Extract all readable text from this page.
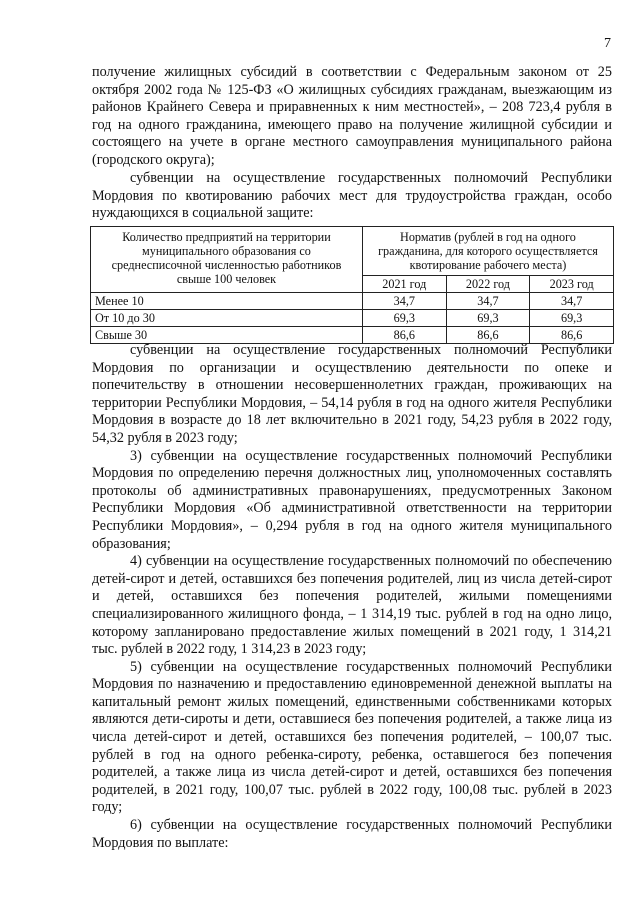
7

получение жилищных субсидий в соответствии с Федеральным законом от 25 октября 2002 года № 125-ФЗ «О жилищных субсидиях гражданам, выезжающим из районов Крайнего Севера и приравненных к ним местностей», – 208 723,4 рубля в год на одного гражданина, имеющего право на получение жилищной субсидии и состоящего на учете в органе местного самоуправления муниципального района (городского округа);

субвенции на осуществление государственных полномочий Республики Мордовия по квотированию рабочих мест для трудоустройства граждан, особо нуждающихся в социальной защите:

Количество предприятий на территории муниципального образования со среднесписочной численностью работников свыше 100 человек	Норматив (рублей в год на одного гражданина, для которого осуществляется квотирование рабочего места)		
	2021 год	2022 год	2023 год
Менее 10	34,7	34,7	34,7
От 10 до 30	69,3	69,3	69,3
Свыше 30	86,6	86,6	86,6

субвенции на осуществление государственных полномочий Республики Мордовия по организации и осуществлению деятельности по опеке и попечительству в отношении несовершеннолетних граждан, проживающих на территории Республики Мордовия, – 54,14 рубля в год на одного жителя Республики Мордовия в возрасте до 18 лет включительно в 2021 году, 54,23 рубля в 2022 году, 54,32 рубля в 2023 году;

3) субвенции на осуществление государственных полномочий Республики Мордовия по определению перечня должностных лиц, уполномоченных составлять протоколы об административных правонарушениях, предусмотренных Законом Республики Мордовия «Об административной ответственности на территории Республики Мордовия», – 0,294 рубля в год на одного жителя муниципального образования;

4) субвенции на осуществление государственных полномочий по обеспечению детей-сирот и детей, оставшихся без попечения родителей, лиц из числа детей-сирот и детей, оставшихся без попечения родителей, жилыми помещениями специализированного жилищного фонда, – 1 314,19 тыс. рублей в год на одно лицо, которому запланировано предоставление жилых помещений в 2021 году, 1 314,21 тыс. рублей в 2022 году, 1 314,23 в 2023 году;

5) субвенции на осуществление государственных полномочий Республики Мордовия по назначению и предоставлению единовременной денежной выплаты на капитальный ремонт жилых помещений, единственными собственниками которых являются дети-сироты и дети, оставшиеся без попечения родителей, а также лица из числа детей-сирот и детей, оставшихся без попечения родителей, – 100,07 тыс. рублей в год на одного ребенка-сироту, ребенка, оставшегося без попечения родителей, а также лица из числа детей-сирот и детей, оставшихся без попечения родителей, в 2021 году, 100,07 тыс. рублей в 2022 году, 100,08 тыс. рублей в 2023 году;

6) субвенции на осуществление государственных полномочий Республики Мордовия по выплате:
